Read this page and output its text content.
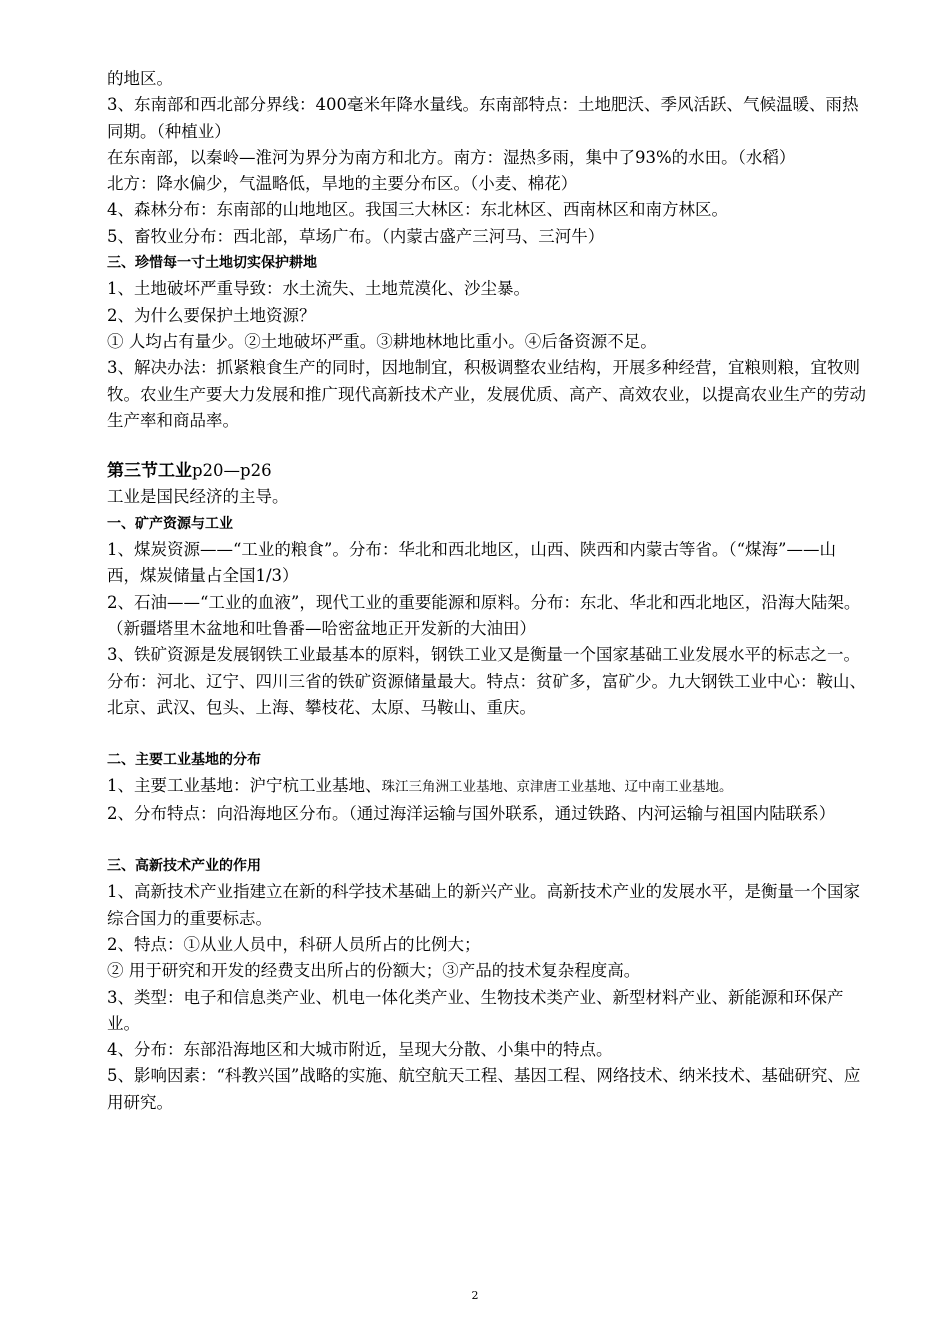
的地区。

3、东南部和西北部分界线：400毫米年降水量线。东南部特点：土地肥沃、季风活跃、气候温暖、雨热同期。（种植业）

在东南部，以秦岭—淮河为界分为南方和北方。南方：湿热多雨，集中了93%的水田。（水稻）

北方：降水偏少，气温略低，旱地的主要分布区。（小麦、棉花）

4、森林分布：东南部的山地地区。我国三大林区：东北林区、西南林区和南方林区。

5、畜牧业分布：西北部，草场广布。（内蒙古盛产三河马、三河牛）

三、珍惜每一寸土地切实保护耕地

1、土地破坏严重导致：水土流失、土地荒漠化、沙尘暴。

2、为什么要保护土地资源？

① 人均占有量少。②土地破坏严重。③耕地林地比重小。④后备资源不足。

3、解决办法：抓紧粮食生产的同时，因地制宜，积极调整农业结构，开展多种经营，宜粮则粮，宜牧则牧。农业生产要大力发展和推广现代高新技术产业，发展优质、高产、高效农业，以提高农业生产的劳动生产率和商品率。

第三节工业p20—p26

工业是国民经济的主导。

一、矿产资源与工业

1、煤炭资源——“工业的粮食”。分布：华北和西北地区，山西、陕西和内蒙古等省。（“煤海”——山西，煤炭储量占全国1/3）

2、石油——“工业的血液”，现代工业的重要能源和原料。分布：东北、华北和西北地区，沿海大陆架。（新疆塔里木盆地和吐鲁番—哈密盆地正开发新的大油田）

3、铁矿资源是发展钢铁工业最基本的原料，钢铁工业又是衡量一个国家基础工业发展水平的标志之一。分布：河北、辽宁、四川三省的铁矿资源储量最大。特点：贫矿多，富矿少。九大钢铁工业中心：鞍山、北京、武汉、包头、上海、攀枝花、太原、马鞍山、重庆。

二、主要工业基地的分布

1、主要工业基地：沪宁杭工业基地、珠江三角洲工业基地、京津唐工业基地、辽中南工业基地。

2、分布特点：向沿海地区分布。（通过海洋运输与国外联系，通过铁路、内河运输与祖国内陆联系）

三、高新技术产业的作用

1、高新技术产业指建立在新的科学技术基础上的新兴产业。高新技术产业的发展水平，是衡量一个国家综合国力的重要标志。

2、特点：①从业人员中，科研人员所占的比例大；

② 用于研究和开发的经费支出所占的份额大；③产品的技术复杂程度高。

3、类型：电子和信息类产业、机电一体化类产业、生物技术类产业、新型材料产业、新能源和环保产业。

4、分布：东部沿海地区和大城市附近，呈现大分散、小集中的特点。

5、影响因素：“科教兴国”战略的实施、航空航天工程、基因工程、网络技术、纳米技术、基础研究、应用研究。

2
